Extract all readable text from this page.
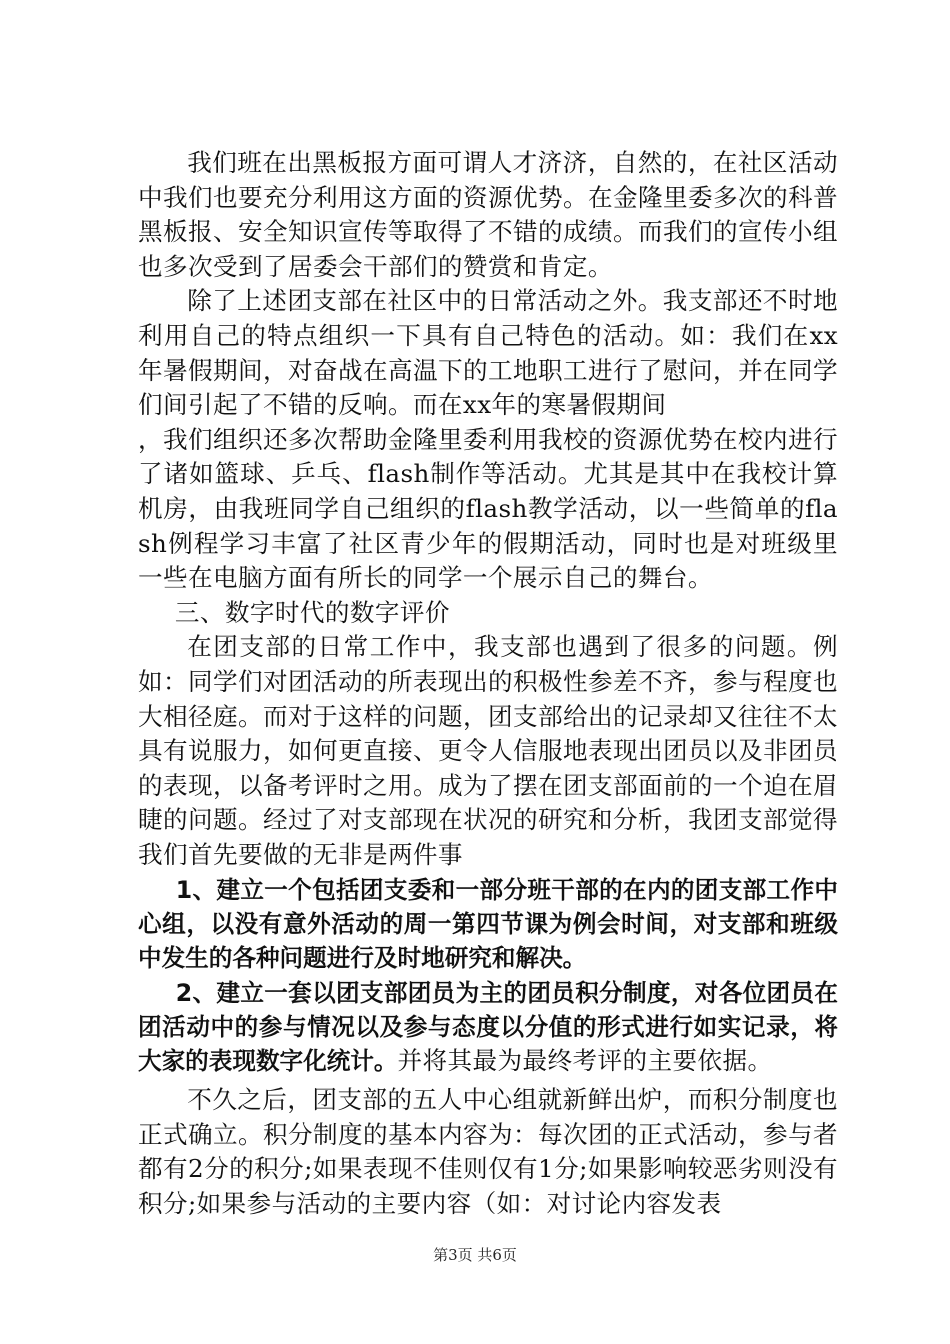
我们班在出黑板报方面可谓人才济济，自然的，在社区活动中我们也要充分利用这方面的资源优势。在金隆里委多次的科普黑板报、安全知识宣传等取得了不错的成绩。而我们的宣传小组也多次受到了居委会干部们的赞赏和肯定。

除了上述团支部在社区中的日常活动之外。我支部还不时地利用自己的特点组织一下具有自己特色的活动。如：我们在xx年暑假期间，对奋战在高温下的工地职工进行了慰问，并在同学们间引起了不错的反响。而在xx年的寒暑假期间

，我们组织还多次帮助金隆里委利用我校的资源优势在校内进行了诸如篮球、乒乓、flash制作等活动。尤其是其中在我校计算机房，由我班同学自己组织的flash教学活动，以一些简单的flash例程学习丰富了社区青少年的假期活动，同时也是对班级里一些在电脑方面有所长的同学一个展示自己的舞台。

三、数字时代的数字评价

在团支部的日常工作中，我支部也遇到了很多的问题。例如：同学们对团活动的所表现出的积极性参差不齐，参与程度也大相径庭。而对于这样的问题，团支部给出的记录却又往往不太具有说服力，如何更直接、更令人信服地表现出团员以及非团员的表现，以备考评时之用。成为了摆在团支部面前的一个迫在眉睫的问题。经过了对支部现在状况的研究和分析，我团支部觉得我们首先要做的无非是两件事

1、建立一个包括团支委和一部分班干部的在内的团支部工作中心组，以没有意外活动的周一第四节课为例会时间，对支部和班级中发生的各种问题进行及时地研究和解决。

2、建立一套以团支部团员为主的团员积分制度，对各位团员在团活动中的参与情况以及参与态度以分值的形式进行如实记录，将大家的表现数字化统计。并将其最为最终考评的主要依据。

不久之后，团支部的五人中心组就新鲜出炉，而积分制度也正式确立。积分制度的基本内容为：每次团的正式活动，参与者都有2分的积分;如果表现不佳则仅有1分;如果影响较恶劣则没有积分;如果参与活动的主要内容（如：对讨论内容发表

第3页 共6页
